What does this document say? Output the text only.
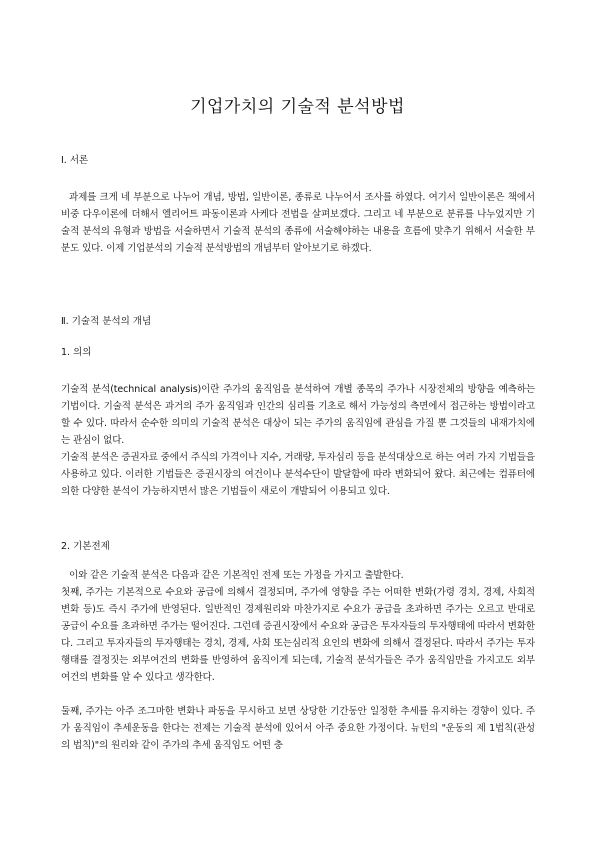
기업가치의 기술적 분석방법

Ⅰ. 서론

과제를 크게 네 부분으로 나누어 개념, 방법, 일반이론, 종류로 나누어서 조사를 하였다. 여기서 일반이론은 책에서 비중 다우이론에 더해서 엘리어트 파동이론과 사케다 전법을 살펴보겠다. 그리고 네 부분으로 분류를 나누었지만 기술적 분석의 유형과 방법을 서술하면서 기술적 분석의 종류에 서술해야하는 내용을 흐름에 맞추기 위해서 서술한 부분도 있다. 이제 기업분석의 기술적 분석방법의 개념부터 알아보기로 하겠다.

Ⅱ. 기술적 분석의 개념

1. 의의

기술적 분석(technical analysis)이란 주가의 움직임을 분석하여 개별 종목의 주가나 시장전체의 방향을 예측하는 기법이다. 기술적 분석은 과거의 주가 움직임과 인간의 심리를 기초로 해서 가능성의 측면에서 접근하는 방법이라고 할 수 있다. 따라서 순수한 의미의 기술적 분석은 대상이 되는 주가의 움직임에 관심을 가질 뿐 그것들의 내재가치에는 관심이 없다.

기술적 분석은 증권자료 중에서 주식의 가격이나 지수, 거래량, 투자심리 등을 분석대상으로 하는 여러 가지 기법들을 사용하고 있다. 이러한 기법들은 증권시장의 여건이나 분석수단이 발달함에 따라 변화되어 왔다. 최근에는 컴퓨터에 의한 다양한 분석이 가능하지면서 많은 기법들이 새로이 개발되어 이용되고 있다.

2. 기본전제

이와 같은 기술적 분석은 다음과 같은 기본적인 전제 또는 가정을 가지고 출발한다.

첫째, 주가는 기본적으로 수요와 공급에 의해서 결정되며, 주가에 영향을 주는 어떠한 변화(가령 경치, 경제, 사회적 변화 등)도 즉시 주가에 반영된다. 일반적인 경제원리와 마찬가지로 수요가 공급을 초과하면 주가는 오르고 반대로 공급이 수요를 초과하면 주가는 떨어진다. 그런데 증권시장에서 수요와 공급은 투자자들의 투자행태에 따라서 변화한다. 그리고 투자자들의 투자행태는 경치, 경제, 사회 또는심리적 요인의 변화에 의해서 결정된다. 따라서 주가는 투자행태를 결정짓는 외부여건의 변화를 반영하여 움직이게 되는데, 기술적 분석가들은 주가 움직임만을 가지고도 외부 여건의 변화를 알 수 있다고 생각한다.

둘째, 주가는 아주 조그마한 변화나 파동을 무시하고 보면 상당한 기간동안 일정한 추세를 유지하는 경향이 있다. 주가 움직임이 추세운동을 한다는 전제는 기술적 분석에 있어서 아주 중요한 가정이다. 뉴턴의 "운동의 제 1법칙(관성의 법칙)"의 원리와 같이 주가의 추세 움직임도 어떤 충
